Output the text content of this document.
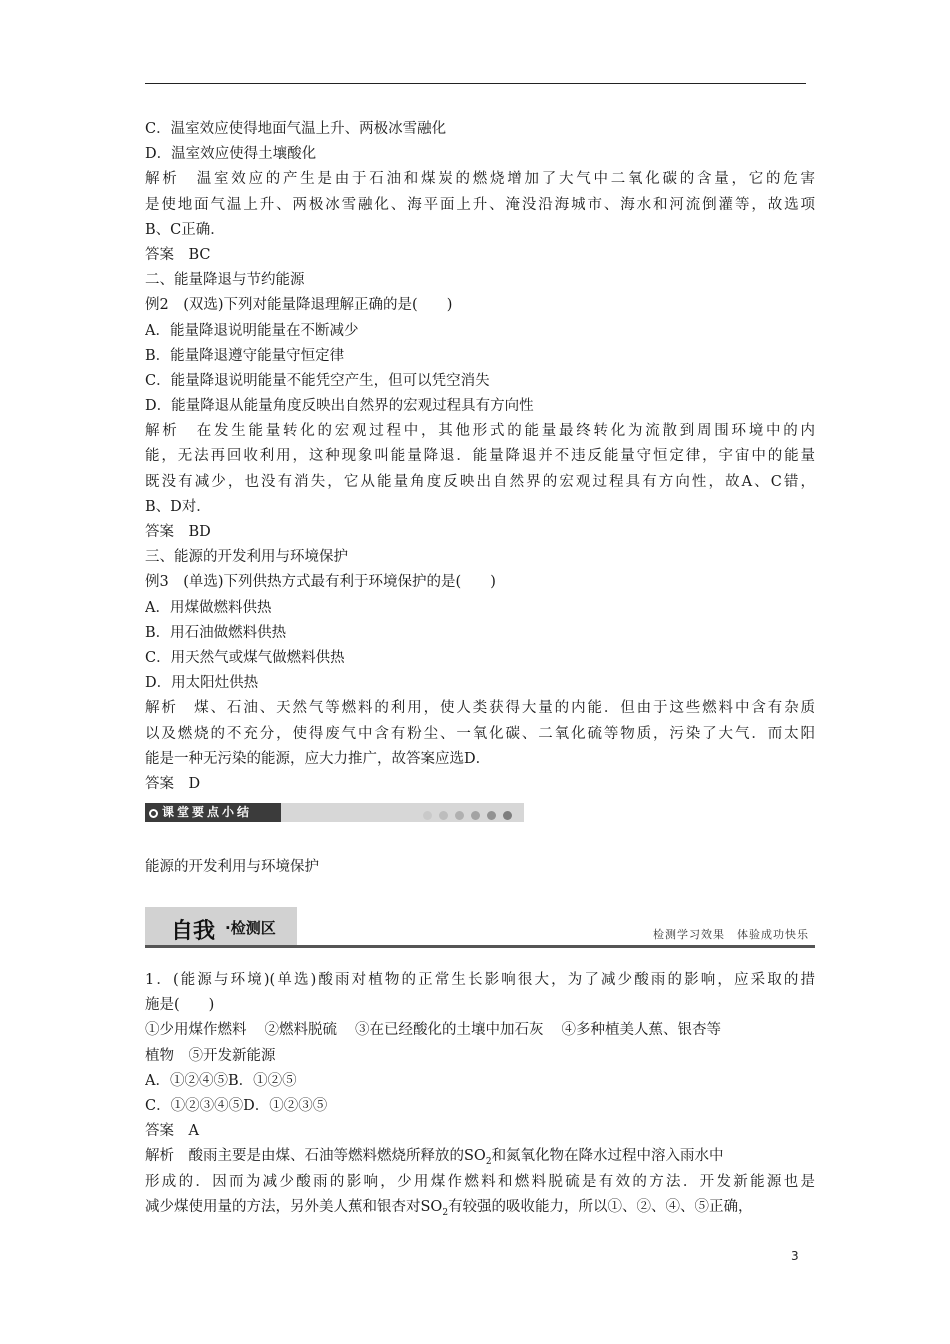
C．温室效应使得地面气温上升、两极冰雪融化
D．温室效应使得土壤酸化
解析　温室效应的产生是由于石油和煤炭的燃烧增加了大气中二氧化碳的含量，它的危害
是使地面气温上升、两极冰雪融化、海平面上升、淹没沿海城市、海水和河流倒灌等，故选项
B、C正确．
答案　BC
二、能量降退与节约能源
例2　(双选)下列对能量降退理解正确的是(　　)
A．能量降退说明能量在不断减少
B．能量降退遵守能量守恒定律
C．能量降退说明能量不能凭空产生，但可以凭空消失
D．能量降退从能量角度反映出自然界的宏观过程具有方向性
解析　在发生能量转化的宏观过程中，其他形式的能量最终转化为流散到周围环境中的内
能，无法再回收利用，这种现象叫能量降退．能量降退并不违反能量守恒定律，宇宙中的能量
既没有减少，也没有消失，它从能量角度反映出自然界的宏观过程具有方向性，故A、C错，
B、D对．
答案　BD
三、能源的开发利用与环境保护
例3　(单选)下列供热方式最有利于环境保护的是(　　)
A．用煤做燃料供热
B．用石油做燃料供热
C．用天然气或煤气做燃料供热
D．用太阳灶供热
解析　煤、石油、天然气等燃料的利用，使人类获得大量的内能．但由于这些燃料中含有杂质
以及燃烧的不充分，使得废气中含有粉尘、一氧化碳、二氧化硫等物质，污染了大气．而太阳
能是一种无污染的能源，应大力推广，故答案应选D．
答案　D
课堂要点小结
能源的开发利用与环境保护
自我 ·检测区	检测学习效果　体验成功快乐
1．(能源与环境)(单选)酸雨对植物的正常生长影响很大，为了减少酸雨的影响，应采取的措
施是(　　)
①少用煤作燃料 ②燃料脱硫 ③在已经酸化的土壤中加石灰 ④多种植美人蕉、银杏等
植物　⑤开发新能源
A．①②④⑤B．①②⑤
C．①②③④⑤D．①②③⑤
答案　A
解析　酸雨主要是由煤、石油等燃料燃烧所释放的$SO_2$和氮氧化物在降水过程中溶入雨水中
形成的．因而为减少酸雨的影响，少用煤作燃料和燃料脱硫是有效的方法．开发新能源也是
减少煤使用量的方法，另外美人蕉和银杏对$SO_2$有较强的吸收能力，所以①、②、④、⑤正确，
3
